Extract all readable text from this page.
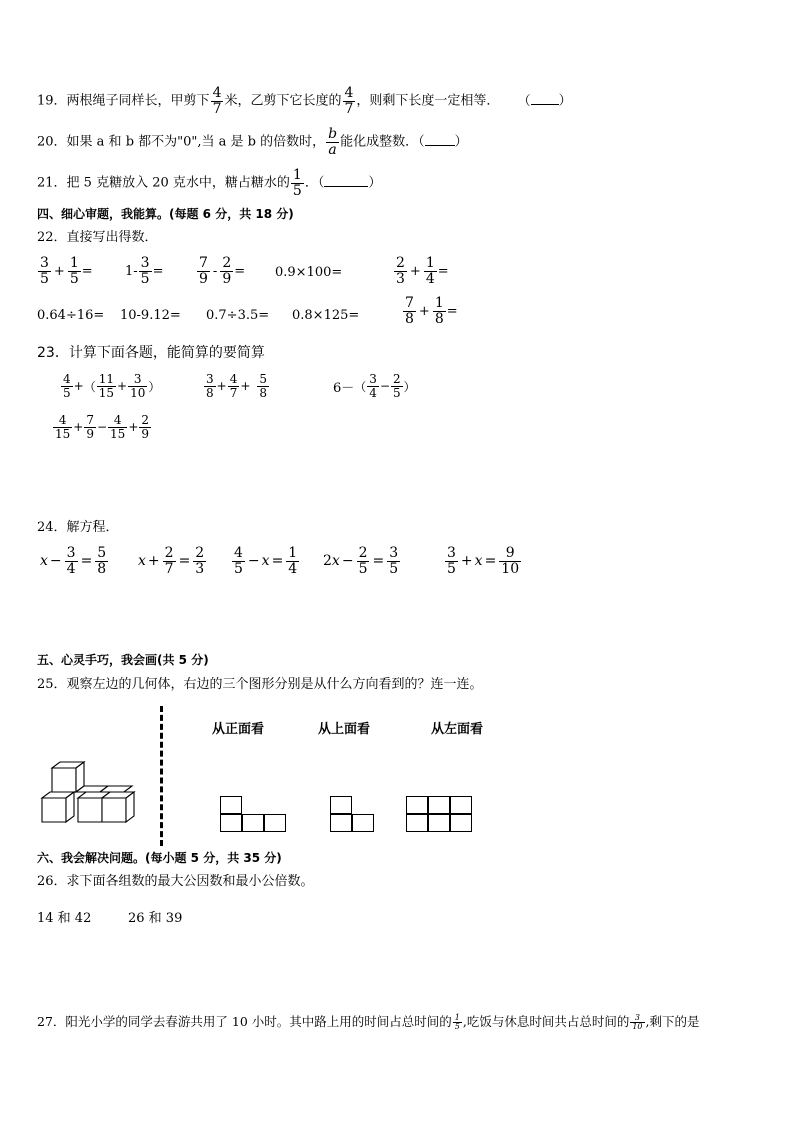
19．两根绳子同样长，甲剪下 $\frac{4}{7}$ 米，乙剪下它长度的 $\frac{4}{7}$ ，则剩下长度一定相等． （ ）
20．如果 a 和 b 都不为"0",当 a 是 b 的倍数时， $\frac{b}{a}$ 能化成整数．（ ）
21．把 5 克糖放入 20 克水中，糖占糖水的 $\frac{1}{5}$ ．（	）
四、细心审题，我能算。(每题 6 分，共 18 分)
22．直接写出得数．
$\frac{3}{5} + \frac{1}{5} = 1- \frac{3}{5} = \frac{7}{9} - \frac{2}{9} = 0.9\times 100=$	$\frac{2}{3} + \frac{1}{4}$ =
0.64÷16= 10-9.12= 0.7÷3.5= 0.8×125=	$\frac{7}{8} + \frac{1}{8}$ =
23．计算下面各题，能简算的要简算
$\frac{4}{5}$ + （ $\frac{11}{15} + \frac{3}{10}$ ）	$\frac{3}{8} + \frac{4}{7} + \frac{5}{8}$	6－ （ $\frac{3}{4} - \frac{2}{5}$ ）
$\frac{4}{15} + \frac{7}{9} - \frac{4}{15} + \frac{2}{9}$
24．解方程．
$x - \frac{3}{4} = \frac{5}{8}$ $x + \frac{2}{7} = \frac{2}{3} \frac{4}{5} - x = \frac{1}{4} 2$ $x - \frac{2}{5} = \frac{3}{5}$	$\frac{3}{5} + x = \frac{9}{10}$
五、心灵手巧，我会画(共 5 分)
25．观察左边的几何体，右边的三个图形分别是从什么方向看到的？连一连。
从正面看	从上面看	从左面看
六、我会解决问题。(每小题 5 分，共 35 分)
26．求下面各组数的最大公因数和最小公倍数。
14 和 42	26 和 39
27．阳光小学的同学去春游共用了 10 小时。其中路上用的时间占总时间的 $\frac{1}{5}$ ,吃饭与休息时间共占总时间的 $\frac{3}{10}$ ,剩下的是
